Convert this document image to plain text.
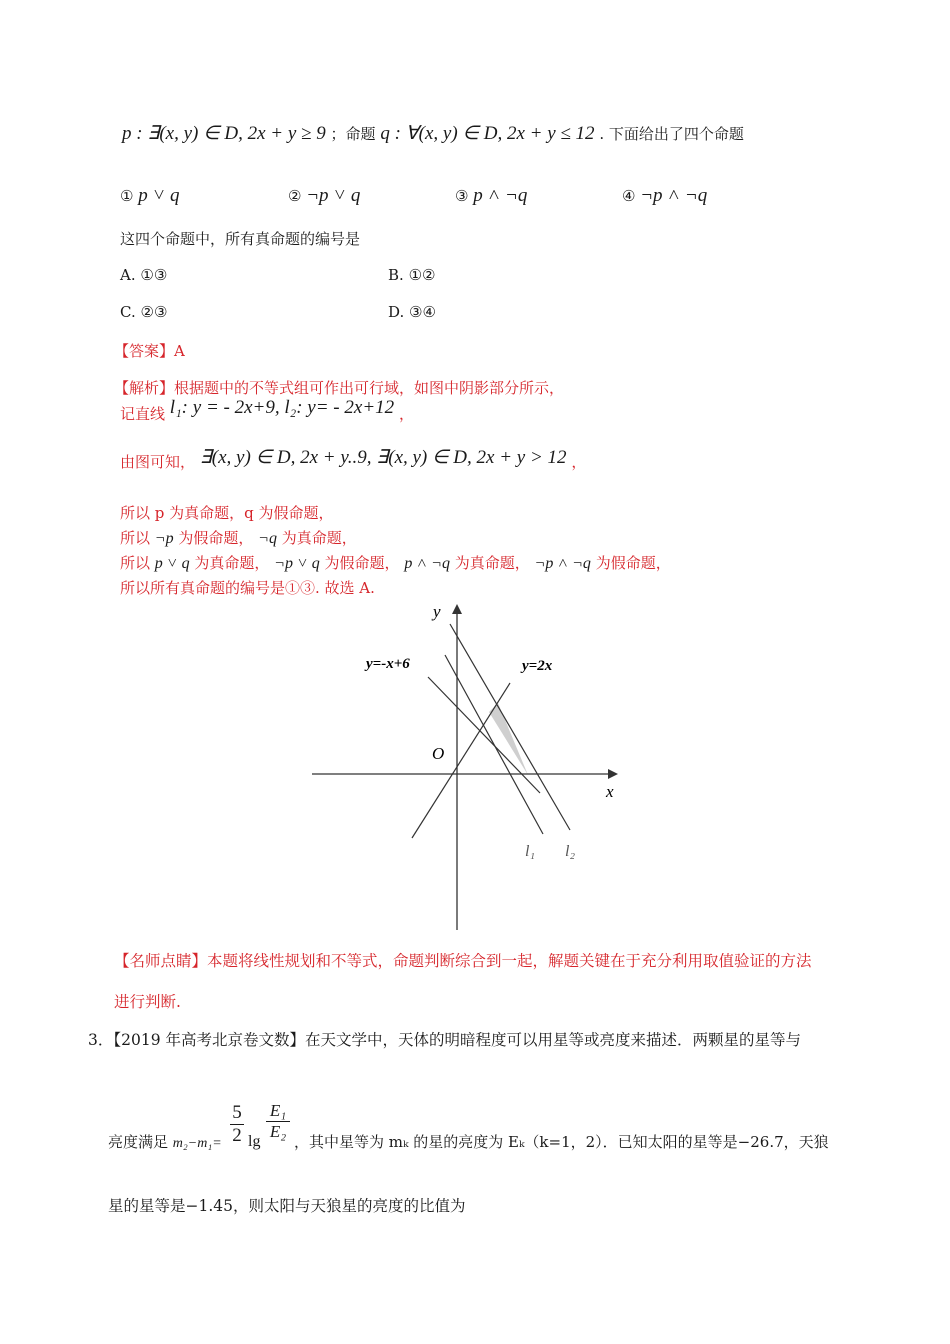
p : ∃(x, y) ∈ D, 2x + y ≥ 9 ；命题 q : ∀(x, y) ∈ D, 2x + y ≤ 12 . 下面给出了四个命题
① p ˅ q	② ¬p ˅ q	③ p ˄ ¬q	④ ¬p ˄ ¬q
这四个命题中，所有真命题的编号是
A. ①③	B. ①②
C. ②③	D. ③④
【答案】A
【解析】根据题中的不等式组可作出可行域，如图中阴影部分所示，
记直线 l₁: y = - 2x+9, l₂: y= - 2x+12 ，
由图可知， ∃(x, y) ∈ D, 2x + y..9, ∃(x, y) ∈ D, 2x + y > 12 ，
所以 p 为真命题，q 为假命题，
所以 ¬p 为假命题， ¬q 为真命题，
所以 p ˅ q 为真命题， ¬p ˅ q 为假命题， p ˄ ¬q 为真命题， ¬p ˄ ¬q 为假命题，
所以所有真命题的编号是①③. 故选 A.
y
x
O
y=-x+6	y=2x
l₁ l₂
【名师点睛】本题将线性规划和不等式，命题判断综合到一起，解题关键在于充分利用取值验证的方法
进行判断.
3．【2019 年高考北京卷文数】在天文学中，天体的明暗程度可以用星等或亮度来描述．两颗星的星等与
亮度满足 $m_2-m_1= \frac{5}{2}$ $\lg \frac{\text{E₁}}{\text{E₂}}$ ，其中星等为 mₖ 的星的亮度为 Eₖ（k=1，2）．已知太阳的星等是−26.7，天狼
星的星等是−1.45，则太阳与天狼星的亮度的比值为
